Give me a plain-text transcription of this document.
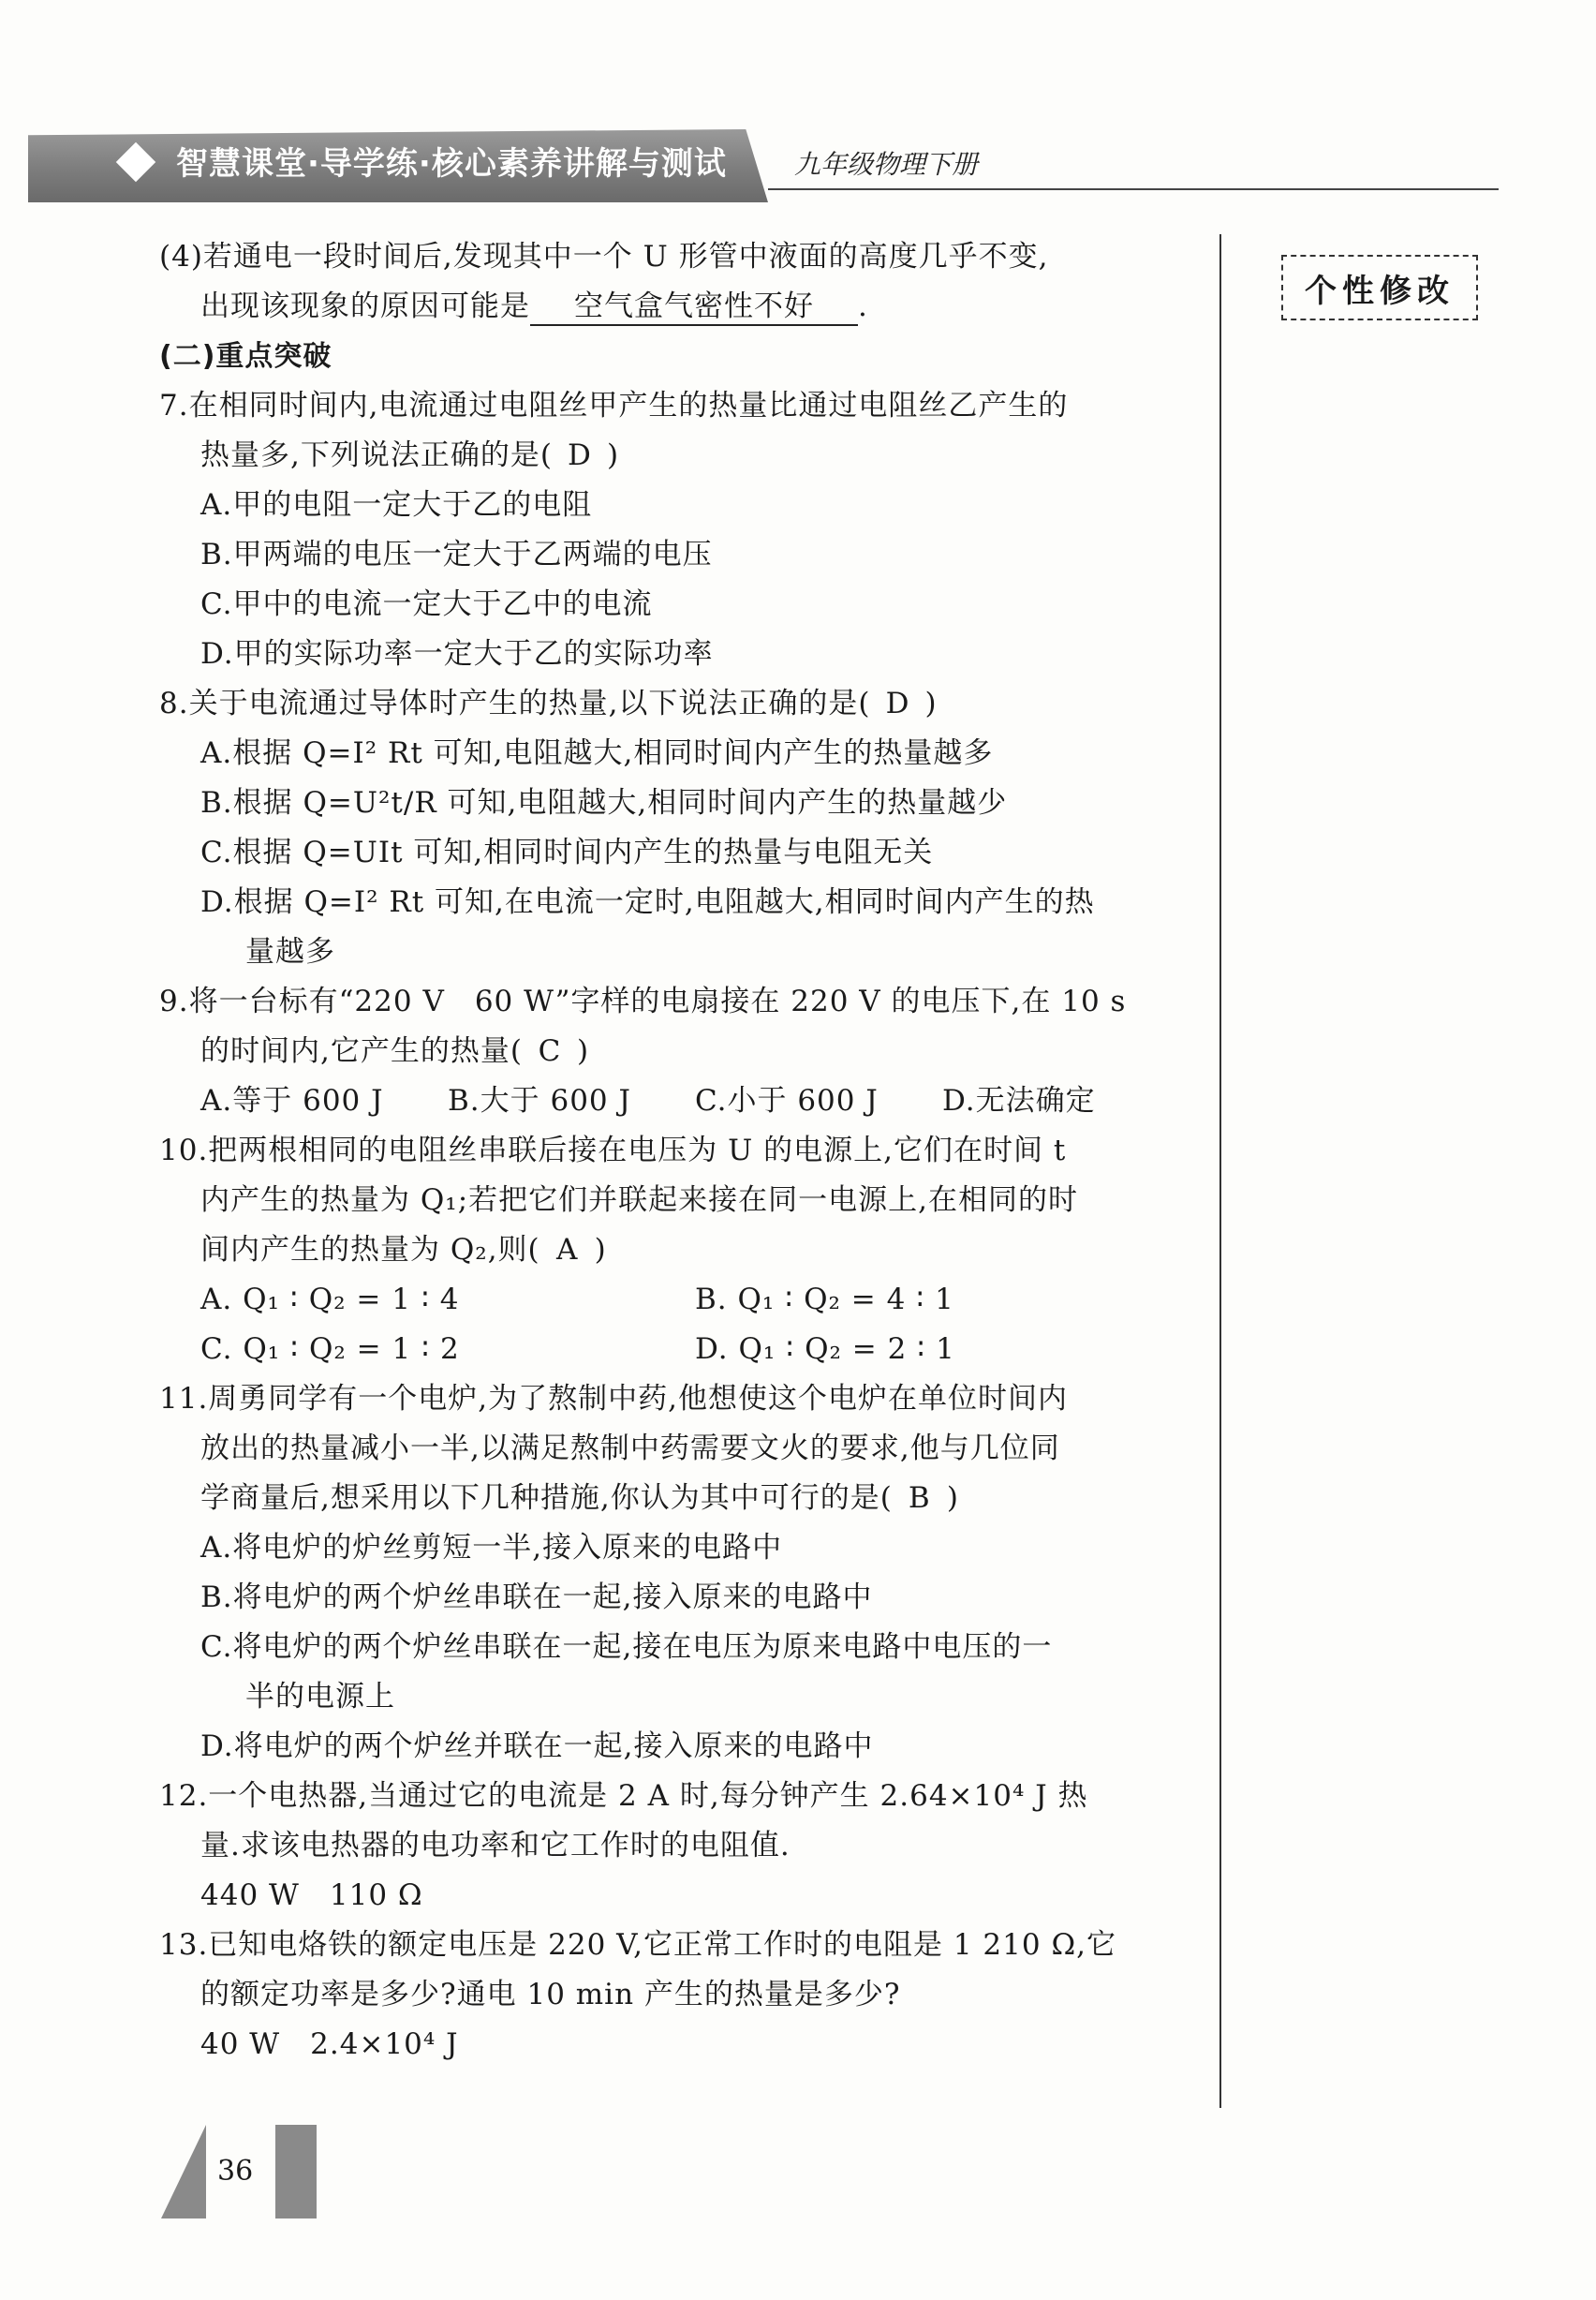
智慧课堂·导学练·核心素养讲解与测试	九年级物理下册
个性修改
(4)若通电一段时间后,发现其中一个 U 形管中液面的高度几乎不变,
出现该现象的原因可能是 空气盒气密性不好 .
(二)重点突破
7.在相同时间内,电流通过电阻丝甲产生的热量比通过电阻丝乙产生的
热量多,下列说法正确的是( D )
A.甲的电阻一定大于乙的电阻
B.甲两端的电压一定大于乙两端的电压
C.甲中的电流一定大于乙中的电流
D.甲的实际功率一定大于乙的实际功率
8.关于电流通过导体时产生的热量,以下说法正确的是( D )
A.根据 Q=I² Rt 可知,电阻越大,相同时间内产生的热量越多
B.根据 Q=U²t/R 可知,电阻越大,相同时间内产生的热量越少
C.根据 Q=UIt 可知,相同时间内产生的热量与电阻无关
D.根据 Q=I² Rt 可知,在电流一定时,电阻越大,相同时间内产生的热
量越多
9.将一台标有“220 V　60 W”字样的电扇接在 220 V 的电压下,在 10 s
的时间内,它产生的热量( C )
A.等于 600 J	B.大于 600 J	C.小于 600 J	D.无法确定
10.把两根相同的电阻丝串联后接在电压为 U 的电源上,它们在时间 t
内产生的热量为 Q₁;若把它们并联起来接在同一电源上,在相同的时
间内产生的热量为 Q₂,则( A )
A. Q₁ ∶ Q₂ = 1 ∶ 4	B. Q₁ ∶ Q₂ = 4 ∶ 1
C. Q₁ ∶ Q₂ = 1 ∶ 2	D. Q₁ ∶ Q₂ = 2 ∶ 1
11.周勇同学有一个电炉,为了熬制中药,他想使这个电炉在单位时间内
放出的热量减小一半,以满足熬制中药需要文火的要求,他与几位同
学商量后,想采用以下几种措施,你认为其中可行的是( B )
A.将电炉的炉丝剪短一半,接入原来的电路中
B.将电炉的两个炉丝串联在一起,接入原来的电路中
C.将电炉的两个炉丝串联在一起,接在电压为原来电路中电压的一
半的电源上
D.将电炉的两个炉丝并联在一起,接入原来的电路中
12.一个电热器,当通过它的电流是 2 A 时,每分钟产生 2.64×10⁴ J 热
量.求该电热器的电功率和它工作时的电阻值.
440 W　110 Ω
13.已知电烙铁的额定电压是 220 V,它正常工作时的电阻是 1 210 Ω,它
的额定功率是多少?通电 10 min 产生的热量是多少?
40 W　2.4×10⁴ J
36
